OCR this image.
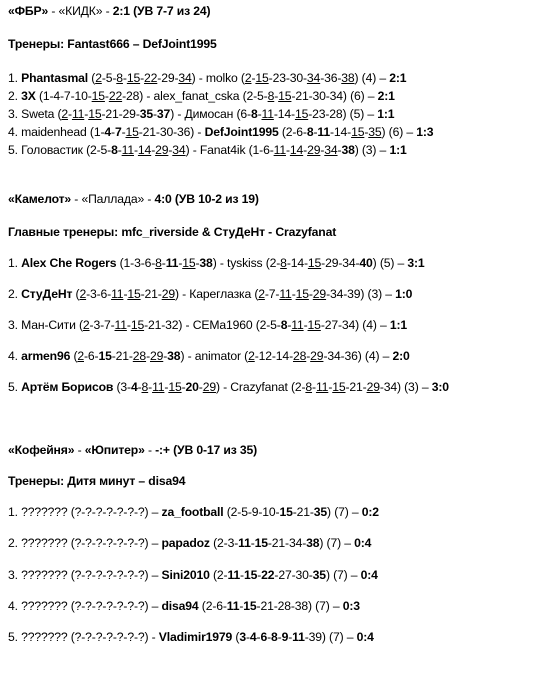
«ФБР» - «КИДК» - 2:1 (УВ 7-7 из 24)
Тренеры: Fantast666 – DefJoint1995
1. Phantasmal (2-5-8-15-22-29-34) - molko (2-15-23-30-34-36-38) (4) – 2:1
2. 3Х (1-4-7-10-15-22-28) - alex_fanat_cska (2-5-8-15-21-30-34) (6) – 2:1
3. Sweta (2-11-15-21-29-35-37) - Димосан (6-8-11-14-15-23-28) (5) – 1:1
4. maidenhead (1-4-7-15-21-30-36) - DefJoint1995 (2-6-8-11-14-15-35) (6) – 1:3
5. Головастик (2-5-8-11-14-29-34) - Fanat4ik (1-6-11-14-29-34-38) (3) – 1:1
«Камелот» - «Паллада» - 4:0 (УВ 10-2 из 19)
Главные тренеры: mfc_riverside & CтуДеНт - Crazyfanat
1. Alex Che Rogers (1-3-6-8-11-15-38) - tyskiss (2-8-14-15-29-34-40) (5) – 3:1
2. CтуДеНт (2-3-6-11-15-21-29) - Кареглазка (2-7-11-15-29-34-39) (3) – 1:0
3. Ман-Сити (2-3-7-11-15-21-32) - CEMa1960 (2-5-8-11-15-27-34) (4) – 1:1
4. armen96 (2-6-15-21-28-29-38) - animator (2-12-14-28-29-34-36) (4) – 2:0
5. Артём Борисов (3-4-8-11-15-20-29) - Crazyfanat (2-8-11-15-21-29-34) (3) – 3:0
«Кофейня» - «Юпитер» - -:+ (УВ 0-17 из 35)
Тренеры: Дитя минут – disa94
1. ??????? (?-?-?-?-?-?-?) – za_football (2-5-9-10-15-21-35) (7) – 0:2
2. ??????? (?-?-?-?-?-?-?) – papadoz (2-3-11-15-21-34-38) (7) – 0:4
3. ??????? (?-?-?-?-?-?-?) – Sini2010 (2-11-15-22-27-30-35) (7) – 0:4
4. ??????? (?-?-?-?-?-?-?) – disa94 (2-6-11-15-21-28-38) (7) – 0:3
5. ??????? (?-?-?-?-?-?-?) - Vladimir1979 (3-4-6-8-9-11-39) (7) – 0:4
